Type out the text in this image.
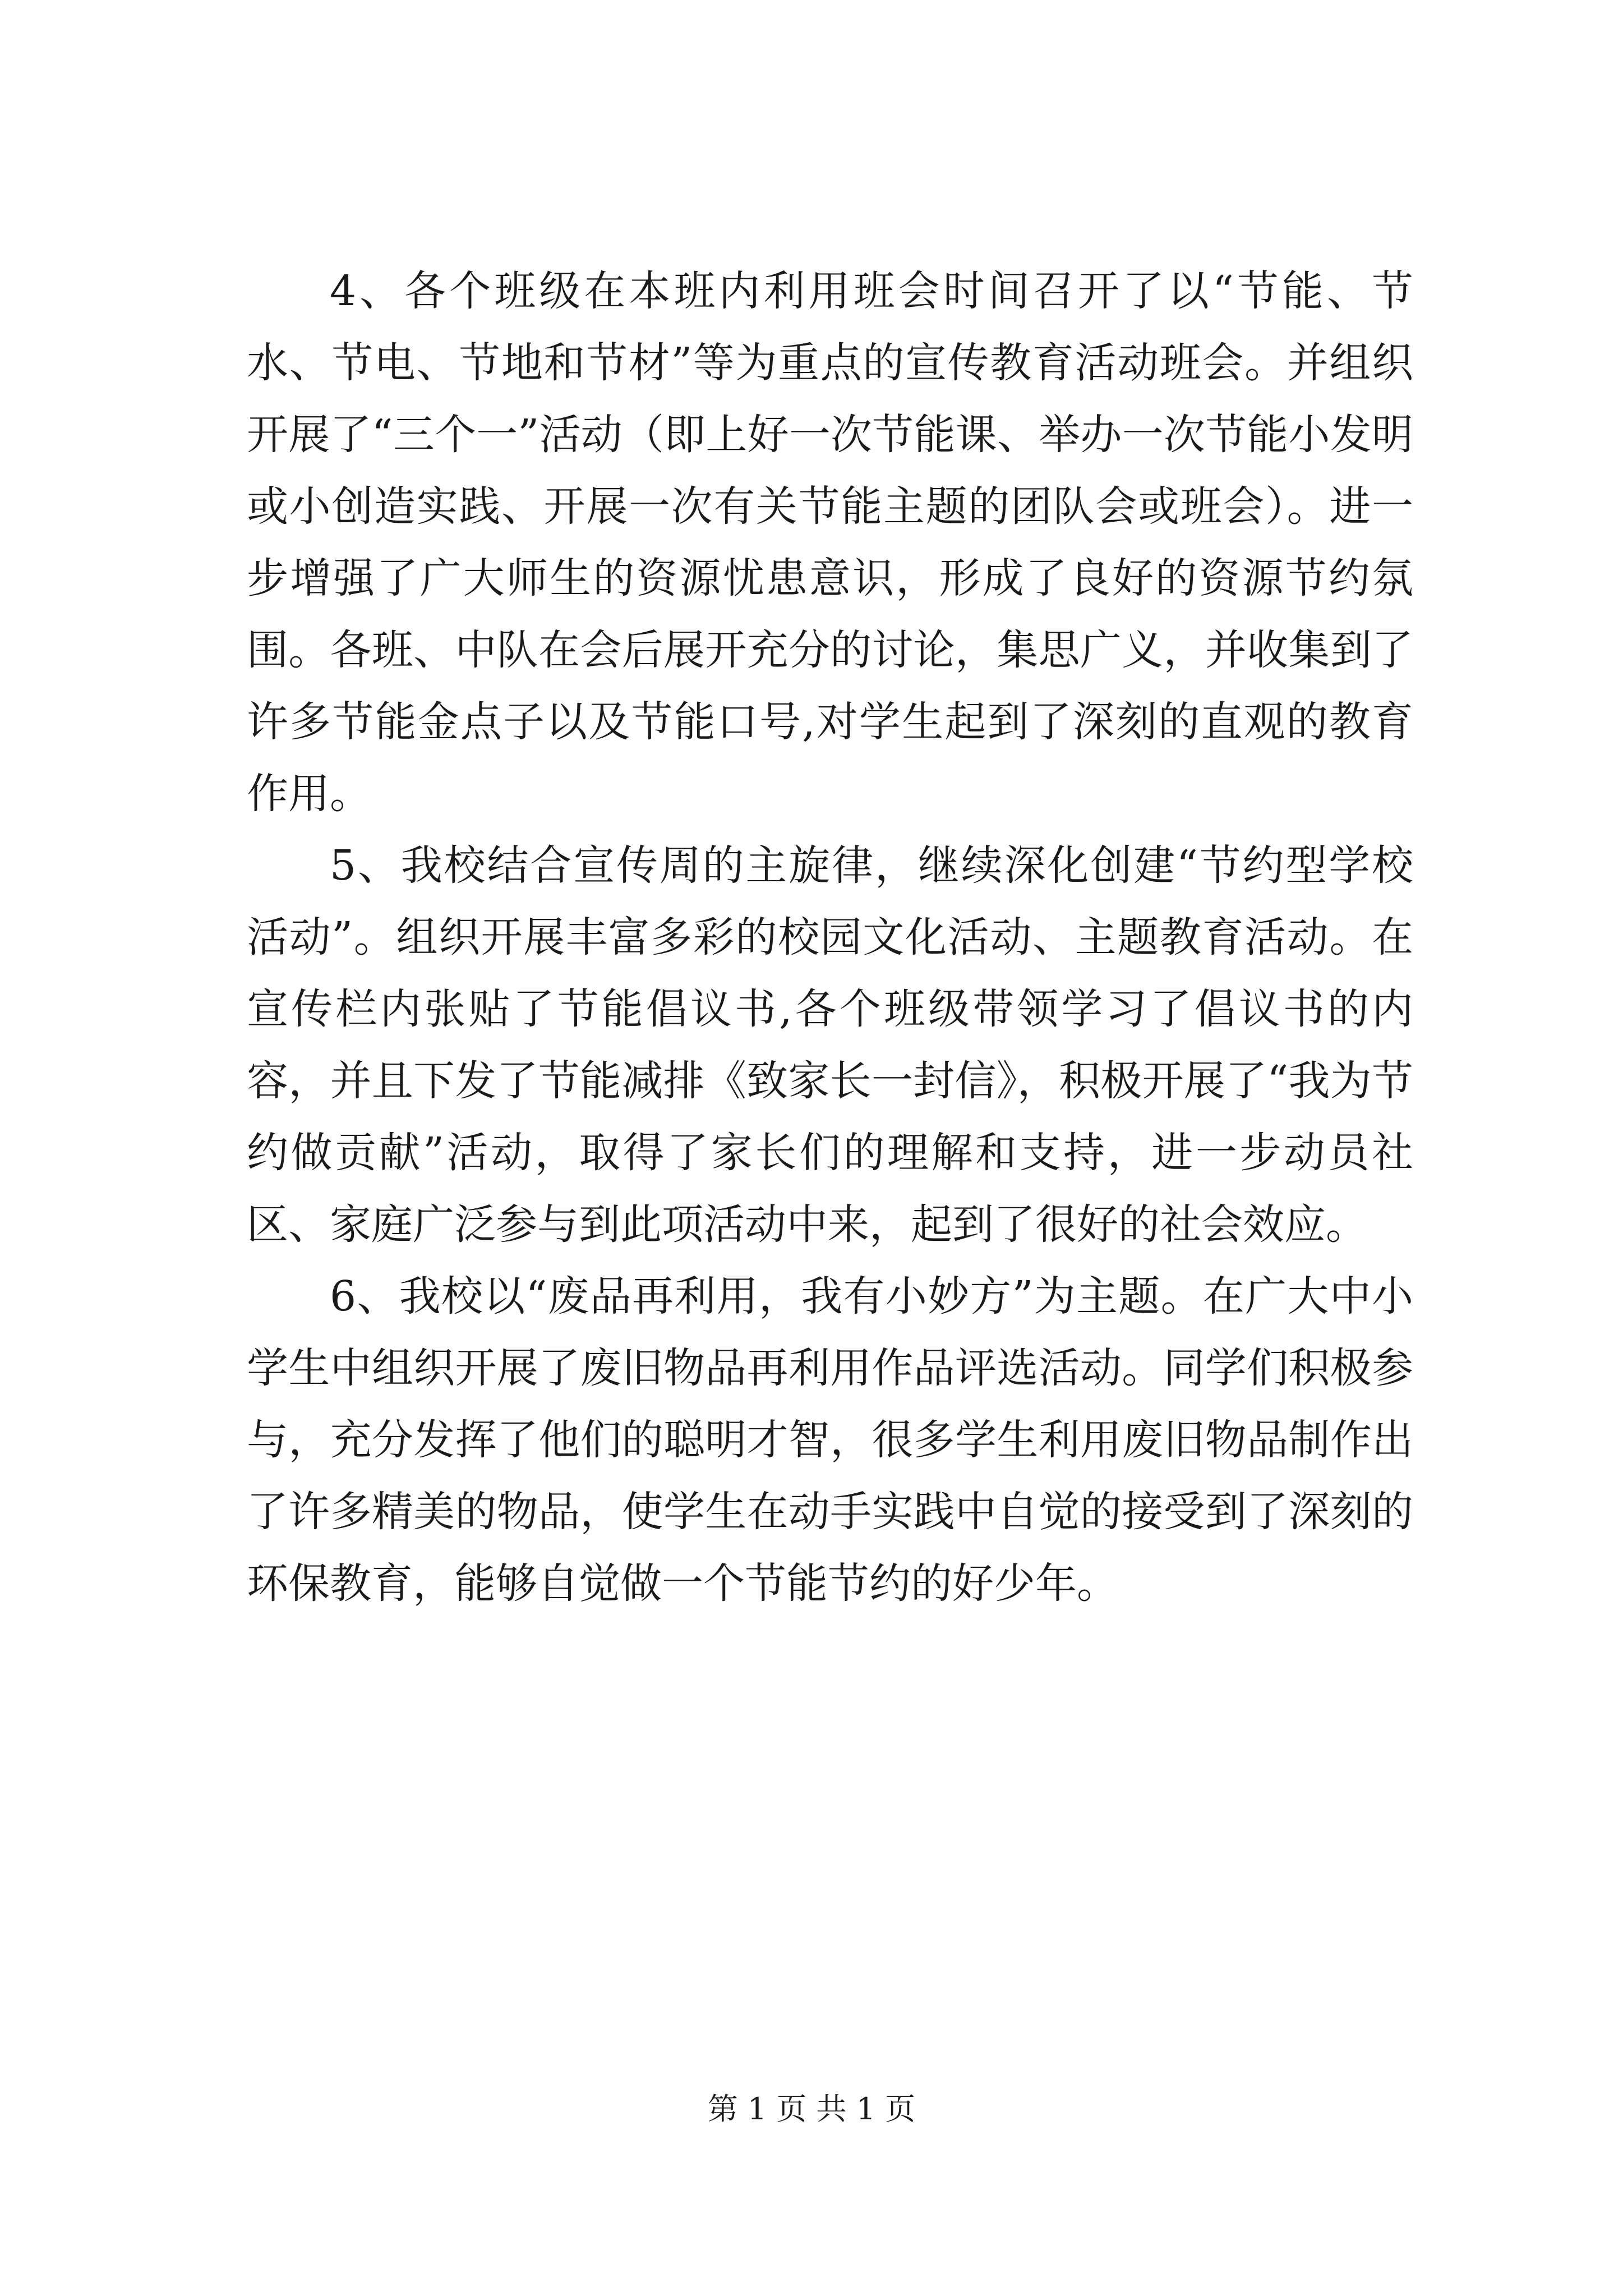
4、各个班级在本班内利用班会时间召开了以“节能、节水、节电、节地和节材”等为重点的宣传教育活动班会。并组织开展了“三个一”活动（即上好一次节能课、举办一次节能小发明或小创造实践、开展一次有关节能主题的团队会或班会）。进一步增强了广大师生的资源忧患意识，形成了良好的资源节约氛围。各班、中队在会后展开充分的讨论，集思广义，并收集到了许多节能金点子以及节能口号,对学生起到了深刻的直观的教育作用。

5、我校结合宣传周的主旋律，继续深化创建“节约型学校活动”。组织开展丰富多彩的校园文化活动、主题教育活动。在宣传栏内张贴了节能倡议书,各个班级带领学习了倡议书的内容，并且下发了节能减排《致家长一封信》，积极开展了“我为节约做贡献”活动，取得了家长们的理解和支持，进一步动员社区、家庭广泛参与到此项活动中来，起到了很好的社会效应。

6、我校以“废品再利用，我有小妙方”为主题。在广大中小学生中组织开展了废旧物品再利用作品评选活动。同学们积极参与，充分发挥了他们的聪明才智，很多学生利用废旧物品制作出了许多精美的物品，使学生在动手实践中自觉的接受到了深刻的环保教育，能够自觉做一个节能节约的好少年。

第 1 页 共 1 页
